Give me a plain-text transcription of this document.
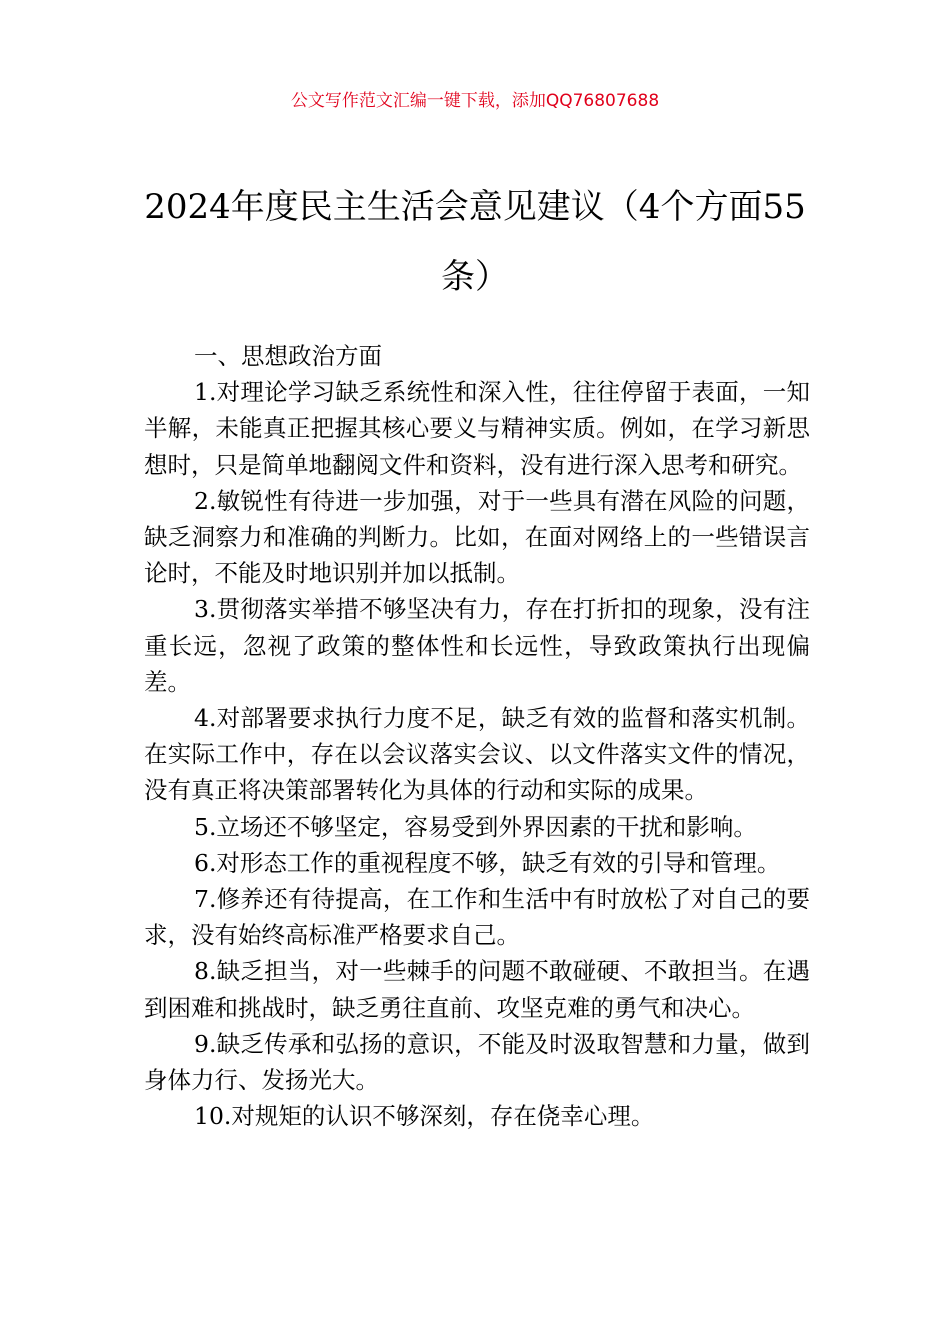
公文写作范文汇编一键下载，添加QQ76807688
2024年度民主生活会意见建议（4个方面55条）
一、思想政治方面

1.对理论学习缺乏系统性和深入性，往往停留于表面，一知半解，未能真正把握其核心要义与精神实质。例如，在学习新思想时，只是简单地翻阅文件和资料，没有进行深入思考和研究。

2.敏锐性有待进一步加强，对于一些具有潜在风险的问题，缺乏洞察力和准确的判断力。比如，在面对网络上的一些错误言论时，不能及时地识别并加以抵制。

3.贯彻落实举措不够坚决有力，存在打折扣的现象，没有注重长远，忽视了政策的整体性和长远性，导致政策执行出现偏差。

4.对部署要求执行力度不足，缺乏有效的监督和落实机制。在实际工作中，存在以会议落实会议、以文件落实文件的情况，没有真正将决策部署转化为具体的行动和实际的成果。

5.立场还不够坚定，容易受到外界因素的干扰和影响。

6.对形态工作的重视程度不够，缺乏有效的引导和管理。

7.修养还有待提高，在工作和生活中有时放松了对自己的要求，没有始终高标准严格要求自己。

8.缺乏担当，对一些棘手的问题不敢碰硬、不敢担当。在遇到困难和挑战时，缺乏勇往直前、攻坚克难的勇气和决心。

9.缺乏传承和弘扬的意识，不能及时汲取智慧和力量，做到身体力行、发扬光大。

10.对规矩的认识不够深刻，存在侥幸心理。
